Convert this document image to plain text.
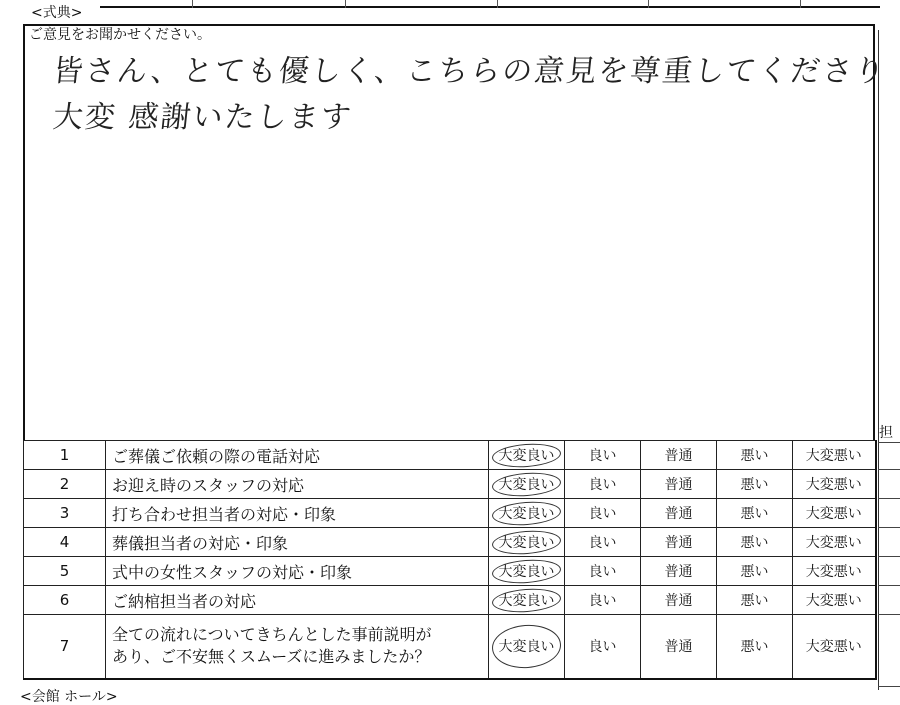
<式典>
ご意見をお聞かせください。
皆さん、とても優しく、こちらの意見を尊重してくださり
大変 感謝いたします
担
1	ご葬儀ご依頼の際の電話対応	大変良い	良い	普通	悪い	大変悪い
2	お迎え時のスタッフの対応	大変良い	良い	普通	悪い	大変悪い
3	打ち合わせ担当者の対応・印象	大変良い	良い	普通	悪い	大変悪い
4	葬儀担当者の対応・印象	大変良い	良い	普通	悪い	大変悪い
5	式中の女性スタッフの対応・印象	大変良い	良い	普通	悪い	大変悪い
6	ご納棺担当者の対応	大変良い	良い	普通	悪い	大変悪い
7	全ての流れについてきちんとした事前説明が
あり、ご不安無くスムーズに進みましたか？	大変良い	良い	普通	悪い	大変悪い
<会館 ホール>
